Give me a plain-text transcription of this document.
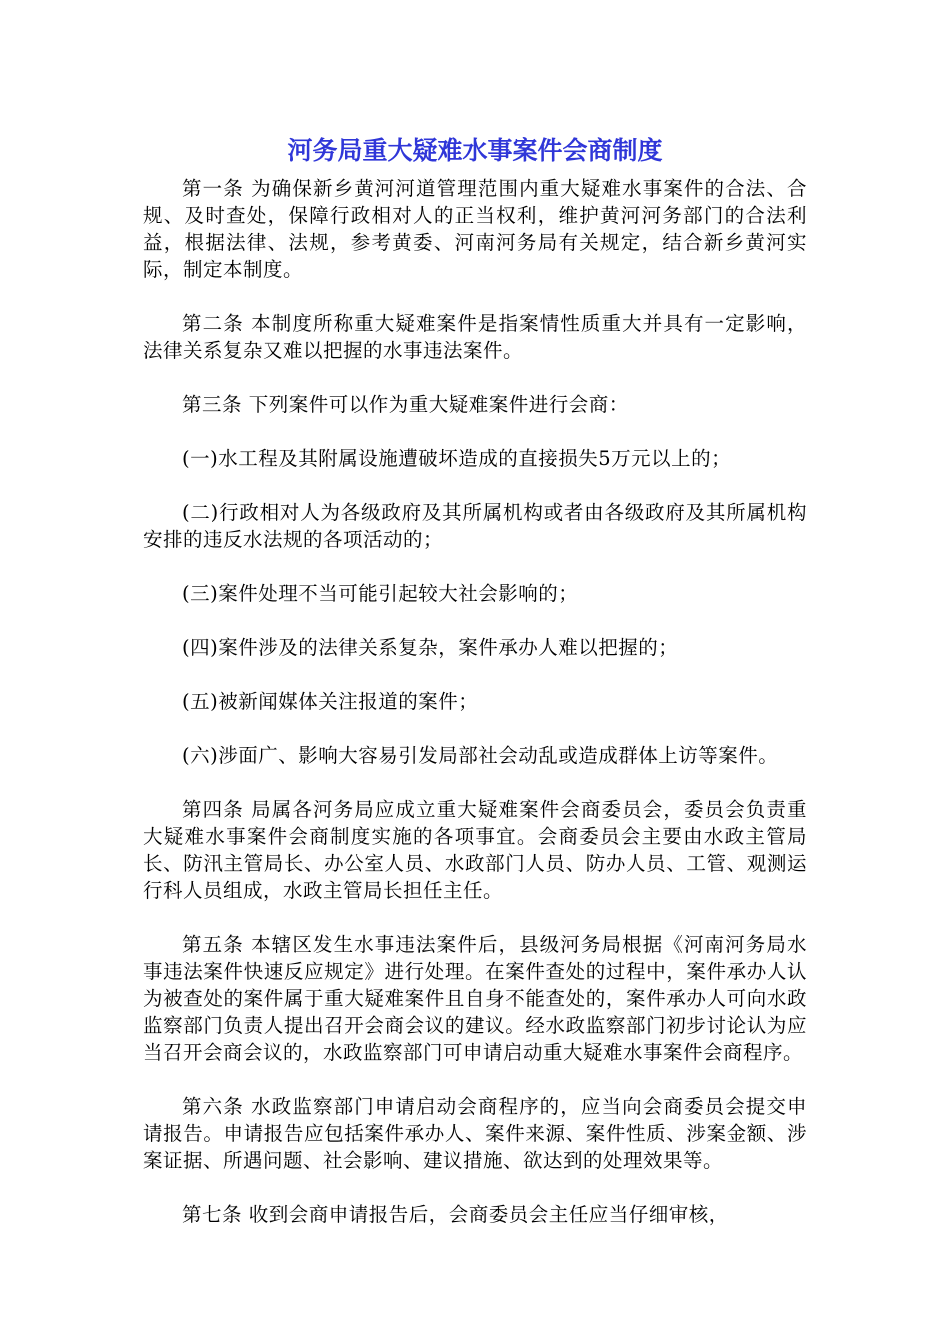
河务局重大疑难水事案件会商制度

第一条 为确保新乡黄河河道管理范围内重大疑难水事案件的合法、合规、及时查处，保障行政相对人的正当权利，维护黄河河务部门的合法利益，根据法律、法规，参考黄委、河南河务局有关规定，结合新乡黄河实际，制定本制度。

第二条 本制度所称重大疑难案件是指案情性质重大并具有一定影响，法律关系复杂又难以把握的水事违法案件。

第三条 下列案件可以作为重大疑难案件进行会商：

(一)水工程及其附属设施遭破坏造成的直接损失5万元以上的；

(二)行政相对人为各级政府及其所属机构或者由各级政府及其所属机构安排的违反水法规的各项活动的；

(三)案件处理不当可能引起较大社会影响的；

(四)案件涉及的法律关系复杂，案件承办人难以把握的；

(五)被新闻媒体关注报道的案件；

(六)涉面广、影响大容易引发局部社会动乱或造成群体上访等案件。

第四条 局属各河务局应成立重大疑难案件会商委员会，委员会负责重大疑难水事案件会商制度实施的各项事宜。会商委员会主要由水政主管局长、防汛主管局长、办公室人员、水政部门人员、防办人员、工管、观测运行科人员组成，水政主管局长担任主任。

第五条 本辖区发生水事违法案件后，县级河务局根据《河南河务局水事违法案件快速反应规定》进行处理。在案件查处的过程中，案件承办人认为被查处的案件属于重大疑难案件且自身不能查处的，案件承办人可向水政监察部门负责人提出召开会商会议的建议。经水政监察部门初步讨论认为应当召开会商会议的，水政监察部门可申请启动重大疑难水事案件会商程序。

第六条 水政监察部门申请启动会商程序的，应当向会商委员会提交申请报告。申请报告应包括案件承办人、案件来源、案件性质、涉案金额、涉案证据、所遇问题、社会影响、建议措施、欲达到的处理效果等。

第七条 收到会商申请报告后，会商委员会主任应当仔细审核，
